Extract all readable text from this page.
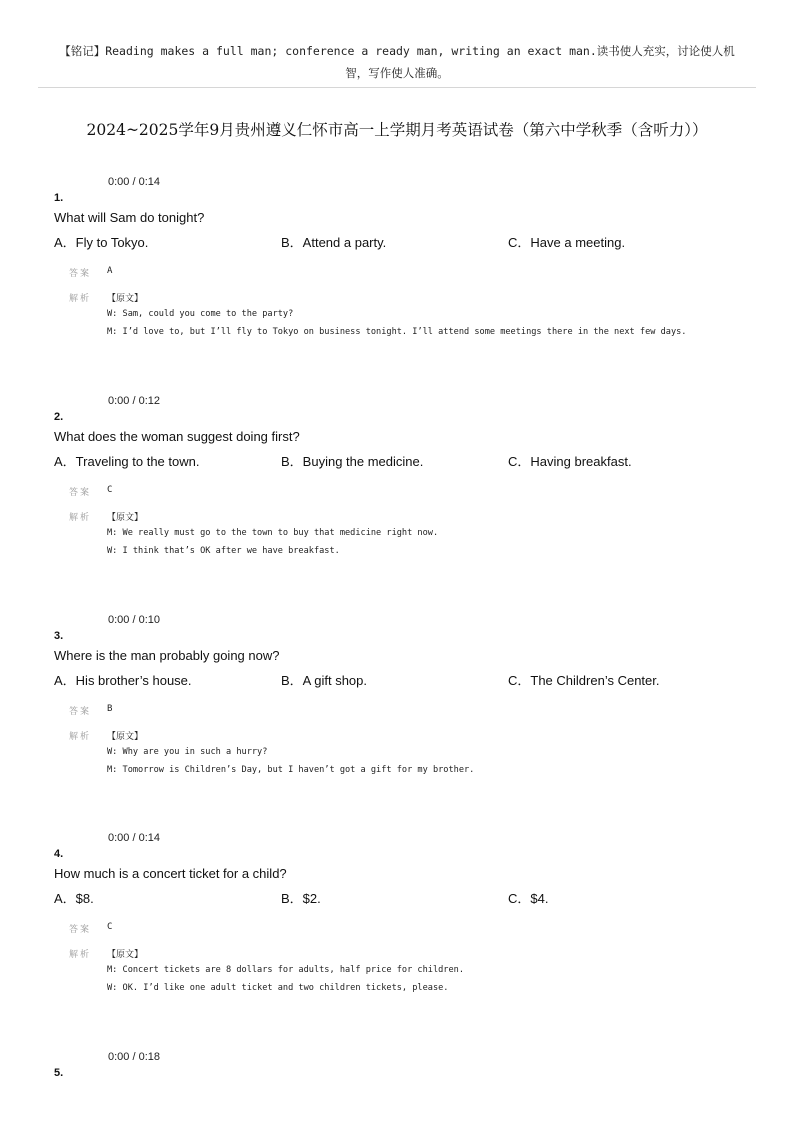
【铭记】Reading makes a full man; conference a ready man, writing an exact man.读书使人充实，讨论使人机
智，写作使人准确。
2024~2025学年9月贵州遵义仁怀市高一上学期月考英语试卷（第六中学秋季（含听力））
0:00 / 0:14
1.
What will Sam do tonight?
A．Fly to Tokyo.	B．Attend a party.	C．Have a meeting.
答案 A
解析 【原文】
W: Sam, could you come to the party?
M: I’d love to, but I’ll fly to Tokyo on business tonight. I’ll attend some meetings there in the next few days.
0:00 / 0:12
2.
What does the woman suggest doing first?
A．Traveling to the town.	B．Buying the medicine.	C．Having breakfast.
答案 C
解析 【原文】
M: We really must go to the town to buy that medicine right now.
W: I think that’s OK after we have breakfast.
0:00 / 0:10
3.
Where is the man probably going now?
A．His brother’s house.	B．A gift shop.	C．The Children’s Center.
答案 B
解析 【原文】
W: Why are you in such a hurry?
M: Tomorrow is Children’s Day, but I haven’t got a gift for my brother.
0:00 / 0:14
4.
How much is a concert ticket for a child?
A．$8.	B．$2.	C．$4.
答案 C
解析 【原文】
M: Concert tickets are 8 dollars for adults, half price for children.
W: OK. I’d like one adult ticket and two children tickets, please.
0:00 / 0:18
5.
